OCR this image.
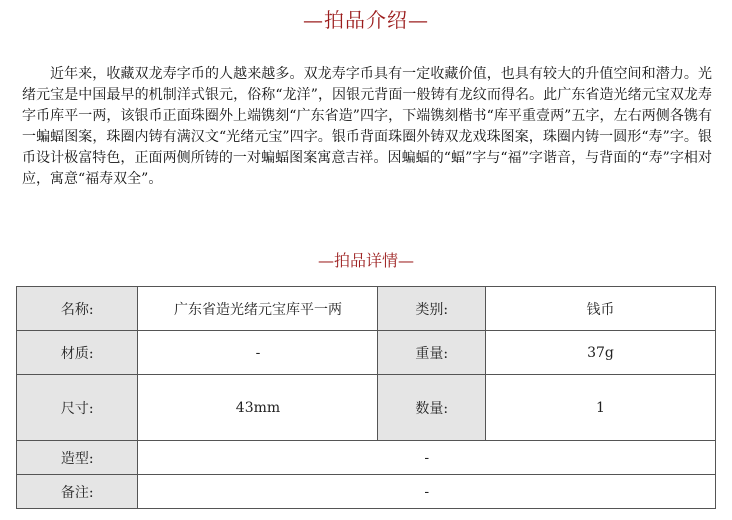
—拍品介绍—

近年来，收藏双龙寿字币的人越来越多。双龙寿字币具有一定收藏价值，也具有较大的升值空间和潜力。光绪元宝是中国最早的机制洋式银元，俗称“龙洋”，因银元背面一般铸有龙纹而得名。此广东省造光绪元宝双龙寿字币库平一两，该银币正面珠圈外上端镌刻“广东省造”四字，下端镌刻楷书“库平重壹两”五字，左右两侧各镌有一蝙蝠图案，珠圈内铸有满汉文“光绪元宝”四字。银币背面珠圈外铸双龙戏珠图案，珠圈内铸一圆形“寿”字。银币设计极富特色，正面两侧所铸的一对蝙蝠图案寓意吉祥。因蝙蝠的“蝠”字与“福”字谐音，与背面的“寿”字相对应，寓意“福寿双全”。

—拍品详情—
名称:	广东省造光绪元宝库平一两	类别:	钱币
材质:	-	重量:	37g
尺寸:	43mm	数量:	1
造型:	-		
备注:	-		
